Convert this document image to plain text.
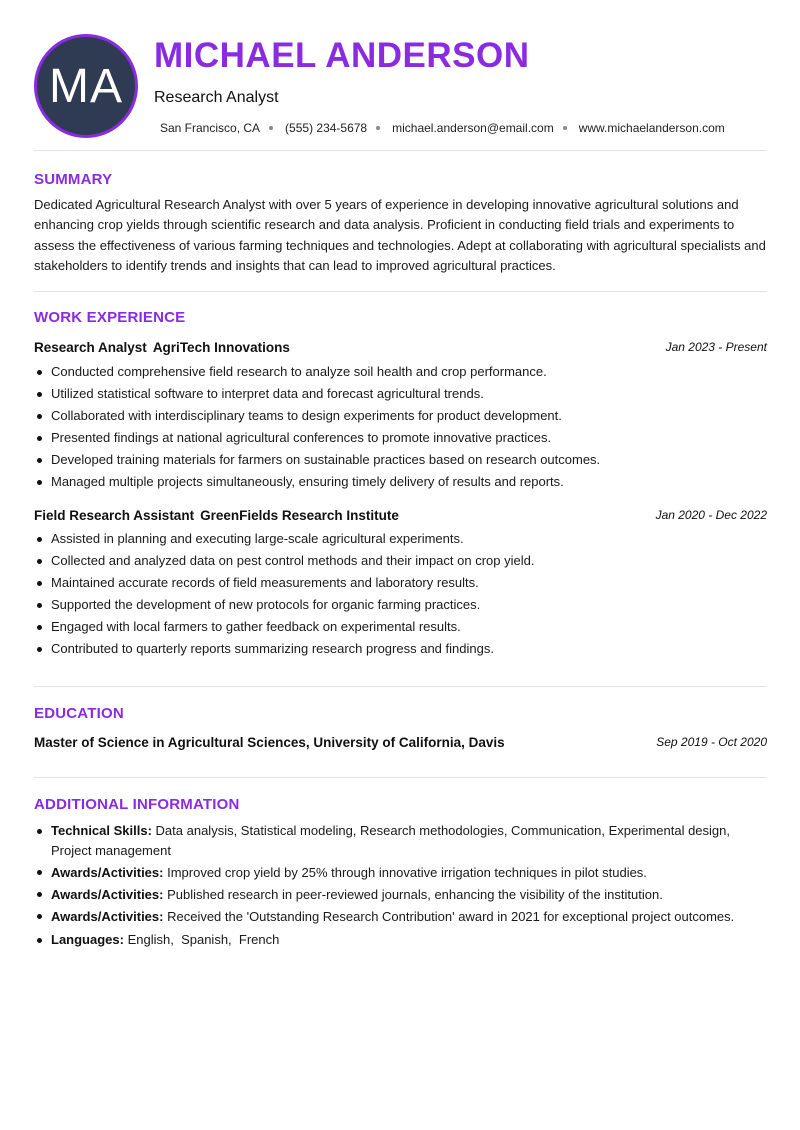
MA
MICHAEL ANDERSON
Research Analyst
San Francisco, CA (555) 234-5678 michael.anderson@email.com www.michaelanderson.com
SUMMARY
Dedicated Agricultural Research Analyst with over 5 years of experience in developing innovative agricultural solutions and enhancing crop yields through scientific research and data analysis. Proficient in conducting field trials and experiments to assess the effectiveness of various farming techniques and technologies. Adept at collaborating with agricultural specialists and stakeholders to identify trends and insights that can lead to improved agricultural practices.
WORK EXPERIENCE
Research Analyst AgriTech Innovations	Jan 2023 - Present
Conducted comprehensive field research to analyze soil health and crop performance.
Utilized statistical software to interpret data and forecast agricultural trends.
Collaborated with interdisciplinary teams to design experiments for product development.
Presented findings at national agricultural conferences to promote innovative practices.
Developed training materials for farmers on sustainable practices based on research outcomes.
Managed multiple projects simultaneously, ensuring timely delivery of results and reports.
Field Research Assistant GreenFields Research Institute	Jan 2020 - Dec 2022
Assisted in planning and executing large-scale agricultural experiments.
Collected and analyzed data on pest control methods and their impact on crop yield.
Maintained accurate records of field measurements and laboratory results.
Supported the development of new protocols for organic farming practices.
Engaged with local farmers to gather feedback on experimental results.
Contributed to quarterly reports summarizing research progress and findings.
EDUCATION
Master of Science in Agricultural Sciences, University of California, Davis	Sep 2019 - Oct 2020
ADDITIONAL INFORMATION
Technical Skills: Data analysis, Statistical modeling, Research methodologies, Communication, Experimental design, Project management
Awards/Activities: Improved crop yield by 25% through innovative irrigation techniques in pilot studies.
Awards/Activities: Published research in peer-reviewed journals, enhancing the visibility of the institution.
Awards/Activities: Received the 'Outstanding Research Contribution' award in 2021 for exceptional project outcomes.
Languages: English,  Spanish,  French
